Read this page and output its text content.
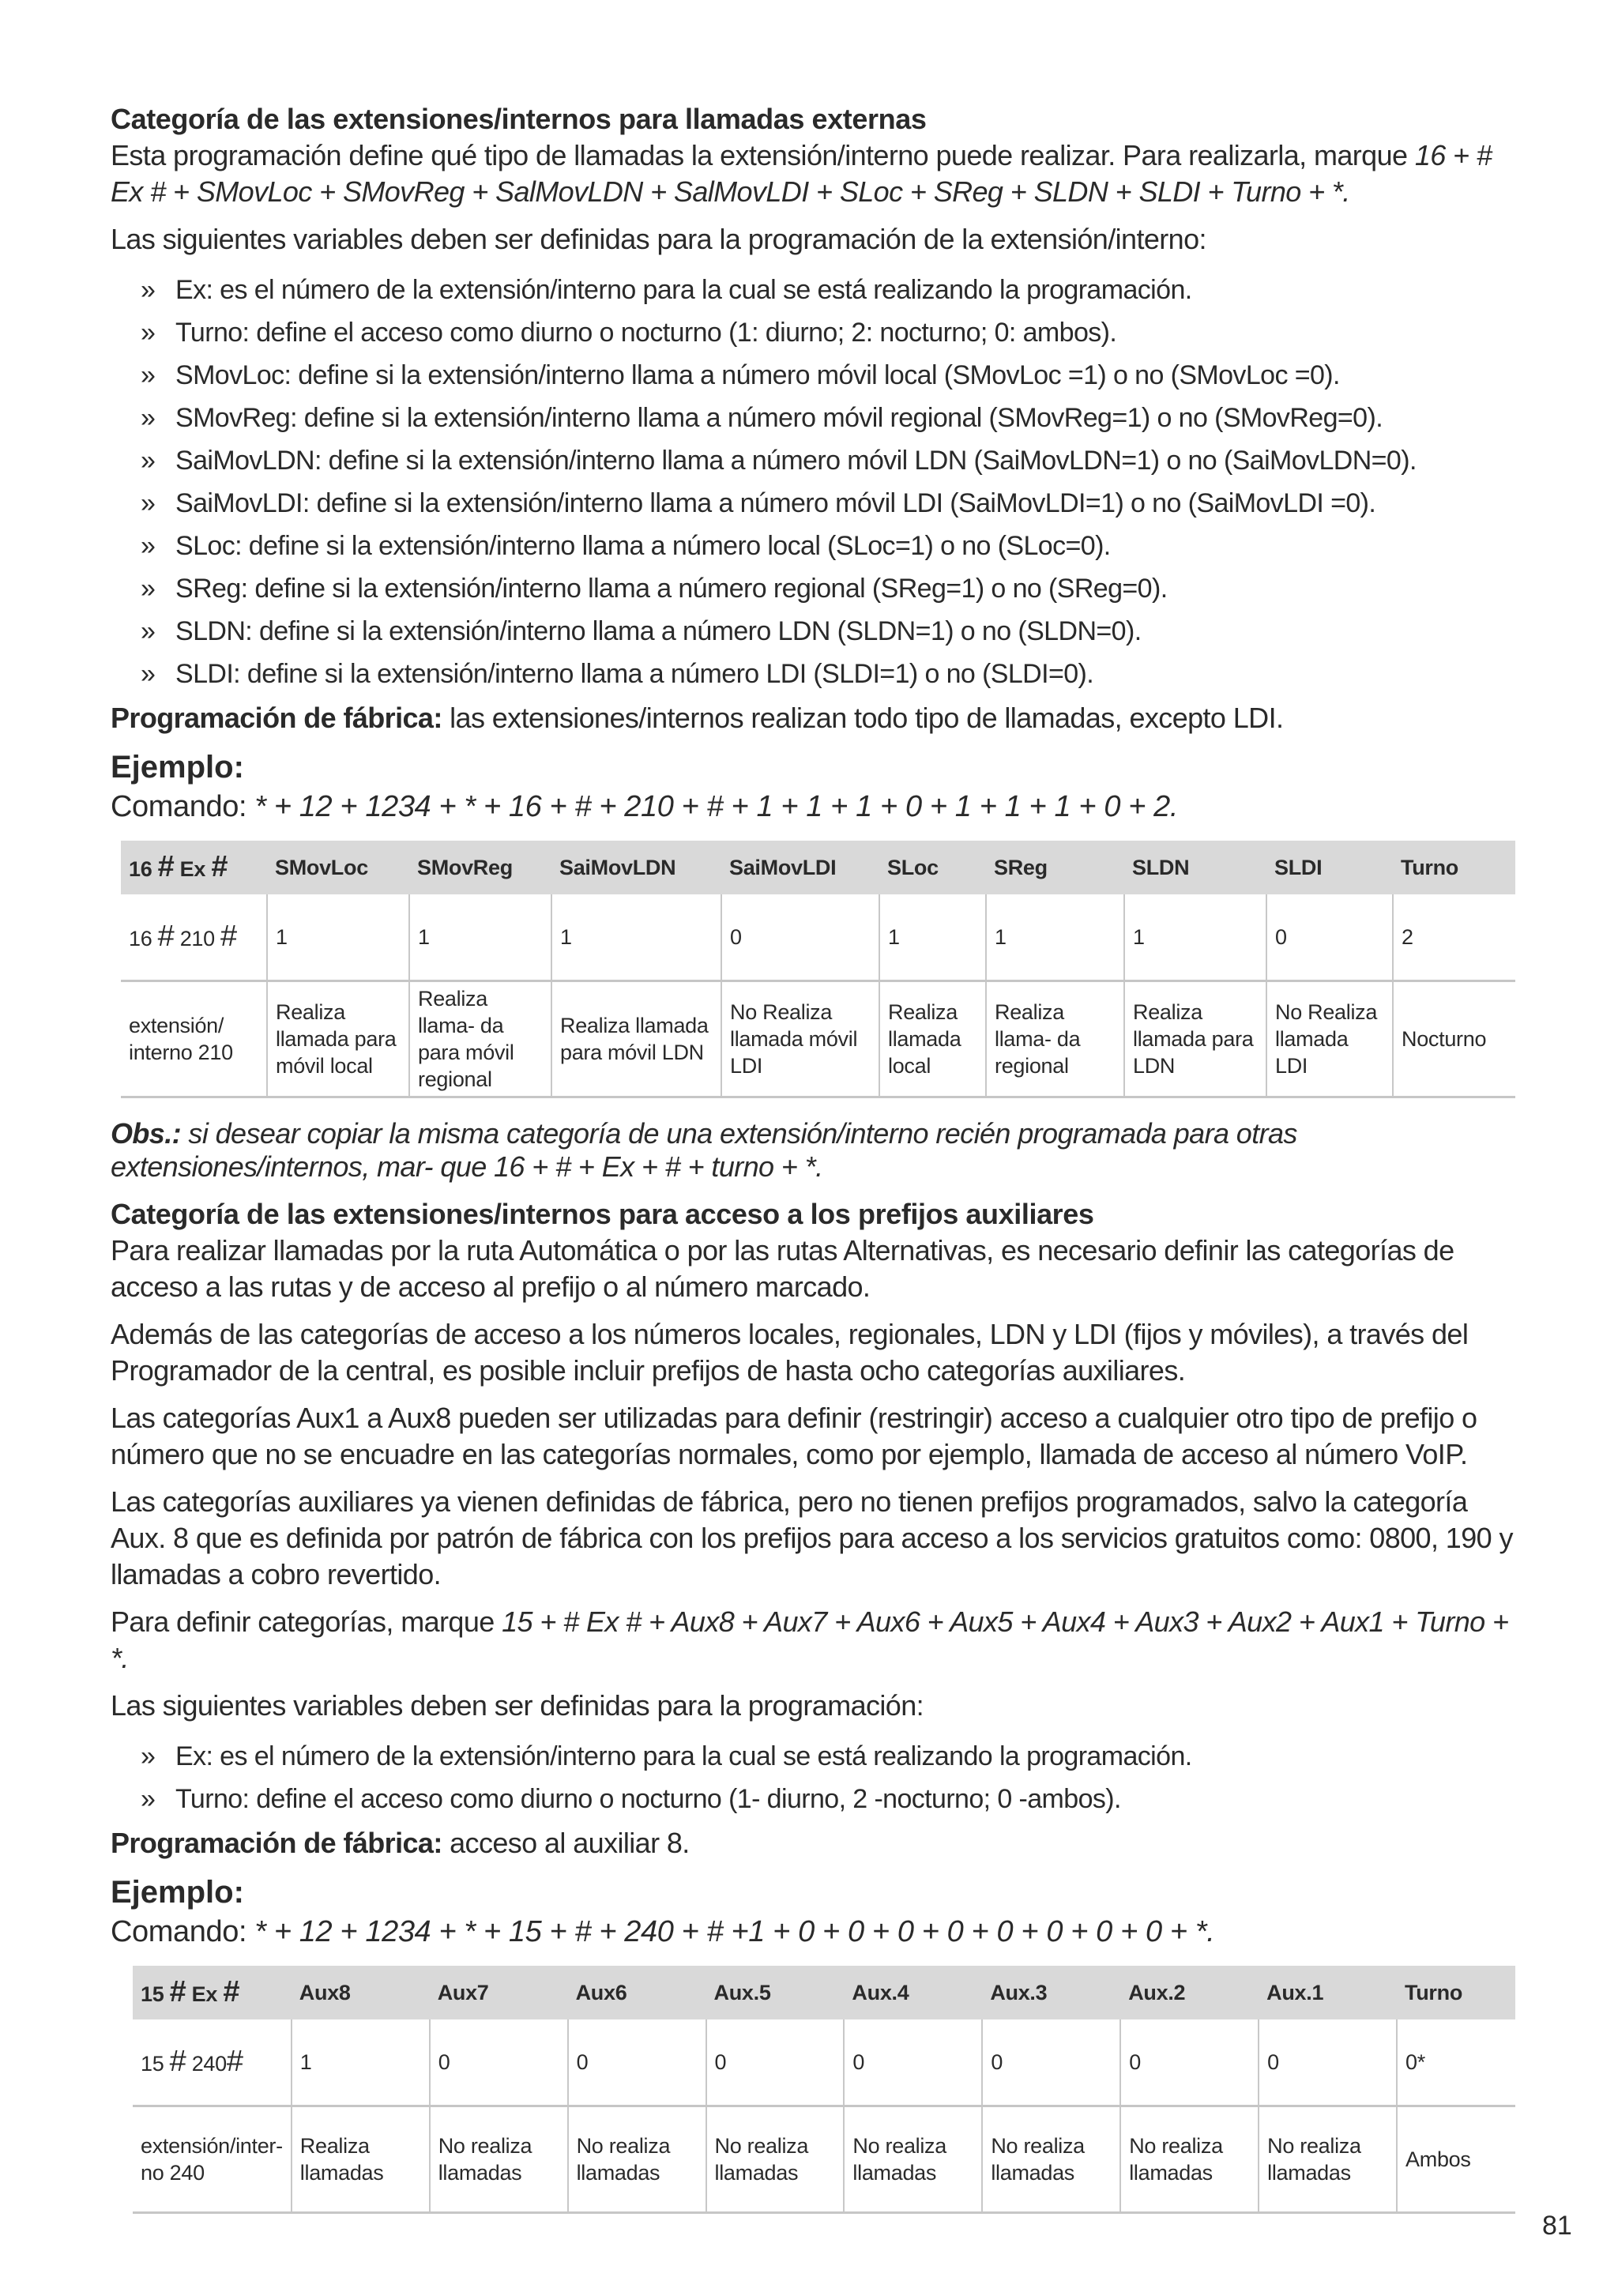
Categoría de las extensiones/internos para llamadas externas

Esta programación define qué tipo de llamadas la extensión/interno puede realizar. Para realizarla, marque 16 + # Ex # + SMovLoc + SMovReg + SalMovLDN + SalMovLDI + SLoc + SReg + SLDN + SLDI + Turno + *.

Las siguientes variables deben ser definidas para la programación de la extensión/interno:

» Ex: es el número de la extensión/interno para la cual se está realizando la programación.
» Turno: define el acceso como diurno o nocturno (1: diurno; 2: nocturno; 0: ambos).
» SMovLoc: define si la extensión/interno llama a número móvil local (SMovLoc =1) o no (SMovLoc =0).
» SMovReg: define si la extensión/interno llama a número móvil regional (SMovReg=1) o no (SMovReg=0).
» SaiMovLDN: define si la extensión/interno llama a número móvil LDN (SaiMovLDN=1) o no (SaiMovLDN=0).
» SaiMovLDI: define si la extensión/interno llama a número móvil LDI (SaiMovLDI=1) o no (SaiMovLDI =0).
» SLoc: define si la extensión/interno llama a número local (SLoc=1) o no (SLoc=0).
» SReg: define si la extensión/interno llama a número regional (SReg=1) o no (SReg=0).
» SLDN: define si la extensión/interno llama a número LDN (SLDN=1) o no (SLDN=0).
» SLDI: define si la extensión/interno llama a número LDI (SLDI=1) o no (SLDI=0).

Programación de fábrica: las extensiones/internos realizan todo tipo de llamadas, excepto LDI.

Ejemplo:

Comando: * + 12 + 1234 + * + 16 + # + 210 + # + 1 + 1 + 1 + 0 + 1 + 1 + 1 + 0 + 2.

16 # Ex #	SMovLoc	SMovReg	SaiMovLDN	SaiMovLDI	SLoc	SReg	SLDN	SLDI	Turno
16 # 210 #	1	1	1	0	1	1	1	0	2
extensión/ interno 210	Realiza llamada para móvil local	Realiza llama- da para móvil regional	Realiza llamada para móvil LDN	No Realiza llamada móvil LDI	Realiza llamada local	Realiza llama- da regional	Realiza llamada para LDN	No Realiza llamada LDI	Nocturno

Obs.: si desear copiar la misma categoría de una extensión/interno recién programada para otras extensiones/internos, mar- que 16 + # + Ex + # + turno + *.

Categoría de las extensiones/internos para acceso a los prefijos auxiliares

Para realizar llamadas por la ruta Automática o por las rutas Alternativas, es necesario definir las categorías de acceso a las rutas y de acceso al prefijo o al número marcado.

Además de las categorías de acceso a los números locales, regionales, LDN y LDI (fijos y móviles), a través del Programador de la central, es posible incluir prefijos de hasta ocho categorías auxiliares.

Las categorías Aux1 a Aux8 pueden ser utilizadas para definir (restringir) acceso a cualquier otro tipo de prefijo o número que no se encuadre en las categorías normales, como por ejemplo, llamada de acceso al número VoIP.

Las categorías auxiliares ya vienen definidas de fábrica, pero no tienen prefijos programados, salvo la categoría Aux. 8 que es definida por patrón de fábrica con los prefijos para acceso a los servicios gratuitos como: 0800, 190 y llamadas a cobro revertido.

Para definir categorías, marque 15 + # Ex # + Aux8 + Aux7 + Aux6 + Aux5 + Aux4 + Aux3 + Aux2 + Aux1 + Turno + *.

Las siguientes variables deben ser definidas para la programación:

» Ex: es el número de la extensión/interno para la cual se está realizando la programación.
» Turno: define el acceso como diurno o nocturno (1- diurno, 2 -nocturno; 0 -ambos).

Programación de fábrica: acceso al auxiliar 8.

Ejemplo:

Comando: * + 12 + 1234 + * + 15 + # + 240 + # +1 + 0 + 0 + 0 + 0 + 0 + 0 + 0 + 0 + *.

15 # Ex #	Aux8	Aux7	Aux6	Aux.5	Aux.4	Aux.3	Aux.2	Aux.1	Turno
15 # 240#	1	0	0	0	0	0	0	0	0*
extensión/inter- no 240	Realiza llamadas	No realiza llamadas	No realiza llamadas	No realiza llamadas	No realiza llamadas	No realiza llamadas	No realiza llamadas	No realiza llamadas	Ambos
81
